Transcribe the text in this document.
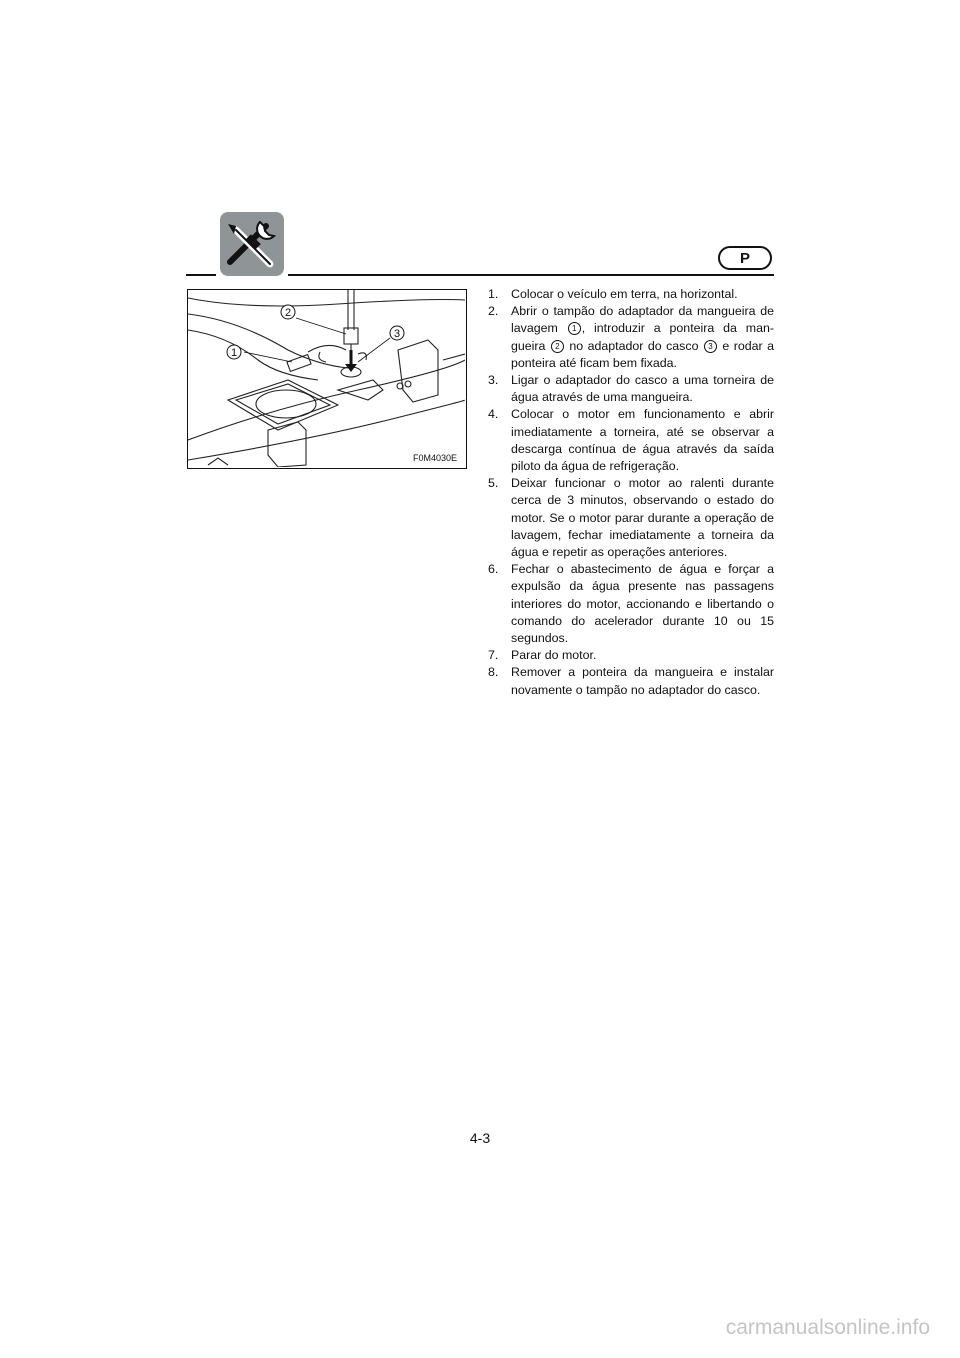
P
1
2
3
F0M4030E
1. Colocar o veículo em terra, na horizontal.
2. Abrir o tampão do adaptador da mangueira de lavagem 1 , introduzir a ponteira da man-gueira 2 no adaptador do casco 3 e rodar a ponteira até ficam bem fixada.
3. Ligar o adaptador do casco a uma torneira de água através de uma mangueira.
4. Colocar o motor em funcionamento e abrir imediatamente a torneira, até se observar a descarga contínua de água através da saída piloto da água de refrigeração.
5. Deixar funcionar o motor ao ralenti durante cerca de 3 minutos, observando o estado do motor. Se o motor parar durante a operação de lavagem, fechar imediatamente a torneira da água e repetir as operações anteriores.
6. Fechar o abastecimento de água e forçar a expulsão da água presente nas passagens interiores do motor, accionando e libertando o comando do acelerador durante 10 ou 15 segundos.
7. Parar do motor.
8. Remover a ponteira da mangueira e instalar novamente o tampão no adaptador do casco.
4-3
carmanualsonline.info
